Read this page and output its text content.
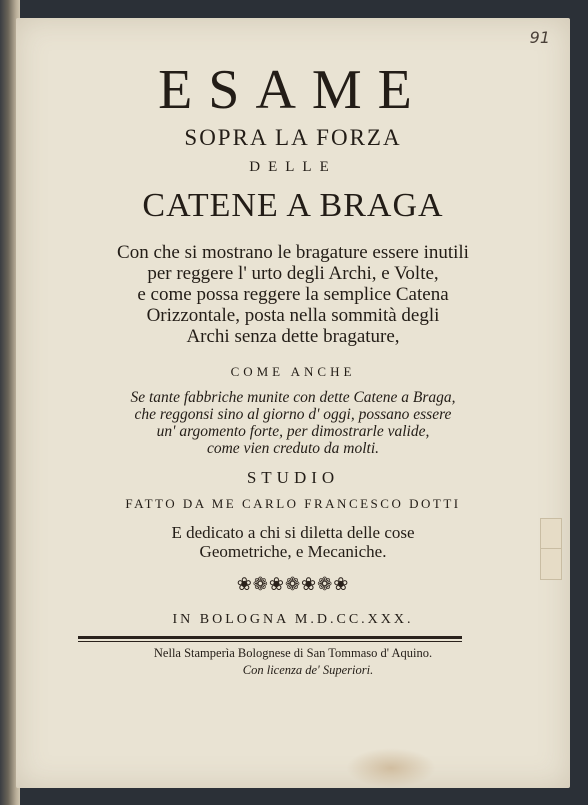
91
ESAME
SOPRA LA FORZA
DELLE
CATENE A BRAGA
Con che si mostrano le bragature essere inutili
per reggere l' urto degli Archi, e Volte,
e come possa reggere la semplice Catena
Orizzontale, posta nella sommità degli
Archi senza dette bragature,
COME ANCHE
Se tante fabbriche munite con dette Catene a Braga,
che reggonsi sino al giorno d' oggi, possano essere
un' argomento forte, per dimostrarle valide,
come vien creduto da molti.
STUDIO
FATTO DA ME CARLO FRANCESCO DOTTI
E dedicato a chi si diletta delle cose
Geometriche, e Mecaniche.
❀❁❀❁❀❁❀
IN BOLOGNA M.D.CC.XXX.
Nella Stamperìa Bolognese di San Tommaso d' Aquino.
Con licenza de' Superiori.
